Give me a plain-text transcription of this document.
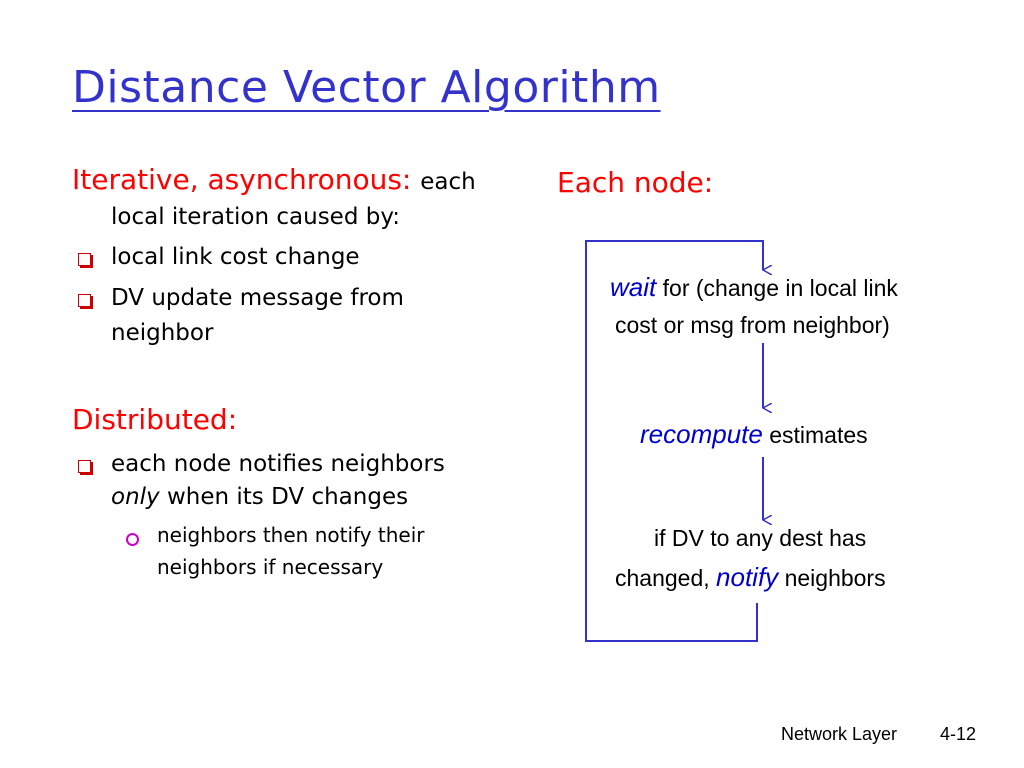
Distance Vector Algorithm
Iterative, asynchronous: each
local iteration caused by:
local link cost change
DV update message from
neighbor
Distributed:
each node notifies neighbors
only when its DV changes
neighbors then notify their
neighbors if necessary
Each node:
wait for (change in local link
cost or msg from neighbor)
recompute estimates
if DV to any dest has
changed, notify neighbors
Network Layer 4-12
